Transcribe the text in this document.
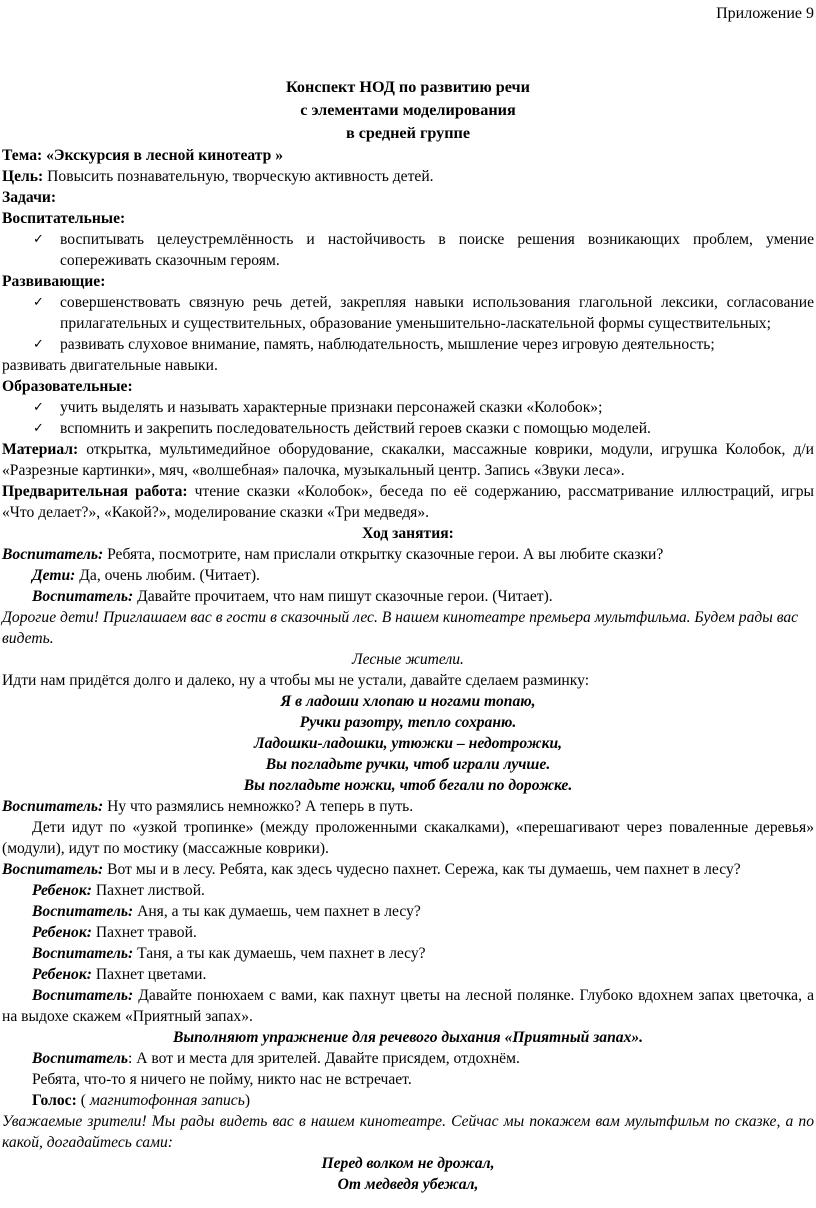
Приложение 9
Конспект НОД по развитию речи
с элементами моделирования
в средней группе

Тема: «Экскурсия в лесной кинотеатр »

Цель: Повысить познавательную, творческую активность детей.

Задачи:

Воспитательные:

✓ воспитывать целеустремлённость и настойчивость в поиске решения возникающих проблем, умение сопереживать сказочным героям.

Развивающие:

✓ совершенствовать связную речь детей, закрепляя навыки использования глагольной лексики, согласование прилагательных и существительных, образование уменьшительно-ласкательной формы существительных;
✓ развивать слуховое внимание, память, наблюдательность, мышление через игровую деятельность;

развивать двигательные навыки.

Образовательные:

✓ учить выделять и называть характерные признаки персонажей сказки «Колобок»;
✓ вспомнить и закрепить последовательность действий героев сказки с помощью моделей.

Материал: открытка, мультимедийное оборудование, скакалки, массажные коврики, модули, игрушка Колобок, д/и «Разрезные картинки», мяч, «волшебная» палочка, музыкальный центр. Запись «Звуки леса».

Предварительная работа: чтение сказки «Колобок», беседа по её содержанию, рассматривание иллюстраций, игры «Что делает?», «Какой?», моделирование сказки «Три медведя».

Ход занятия:

Воспитатель: Ребята, посмотрите, нам прислали открытку сказочные герои. А вы любите сказки?

Дети: Да, очень любим. (Читает).

Воспитатель: Давайте прочитаем, что нам пишут сказочные герои. (Читает).

Дорогие дети! Приглашаем вас в гости в сказочный лес. В нашем кинотеатре премьера мультфильма. Будем рады вас видеть.

Лесные жители.

Идти нам придётся долго и далеко, ну а чтобы мы не устали, давайте сделаем разминку:

Я в ладоши хлопаю и ногами топаю,

Ручки разотру, тепло сохраню.

Ладошки-ладошки, утюжки – недотрожки,

Вы погладьте ручки, чтоб играли лучше.

Вы погладьте ножки, чтоб бегали по дорожке.

Воспитатель: Ну что размялись немножко? А теперь в путь.

Дети идут по «узкой тропинке» (между проложенными скакалками), «перешагивают через поваленные деревья» (модули), идут по мостику (массажные коврики).

Воспитатель: Вот мы и в лесу. Ребята, как здесь чудесно пахнет. Сережа, как ты думаешь, чем пахнет в лесу?

Ребенок: Пахнет листвой.

Воспитатель: Аня, а ты как думаешь, чем пахнет в лесу?

Ребенок: Пахнет травой.

Воспитатель: Таня, а ты как думаешь, чем пахнет в лесу?

Ребенок: Пахнет цветами.

Воспитатель: Давайте понюхаем с вами, как пахнут цветы на лесной полянке. Глубоко вдохнем запах цветочка, а на выдохе скажем «Приятный запах».

Выполняют упражнение для речевого дыхания «Приятный запах».

Воспитатель: А вот и места для зрителей. Давайте присядем, отдохнём.

Ребята, что-то я ничего не пойму, никто нас не встречает.

Голос: ( магнитофонная запись)

Уважаемые зрители! Мы рады видеть вас в нашем кинотеатре. Сейчас мы покажем вам мультфильм по сказке, а по какой, догадайтесь сами:

Перед волком не дрожал,

От медведя убежал,
